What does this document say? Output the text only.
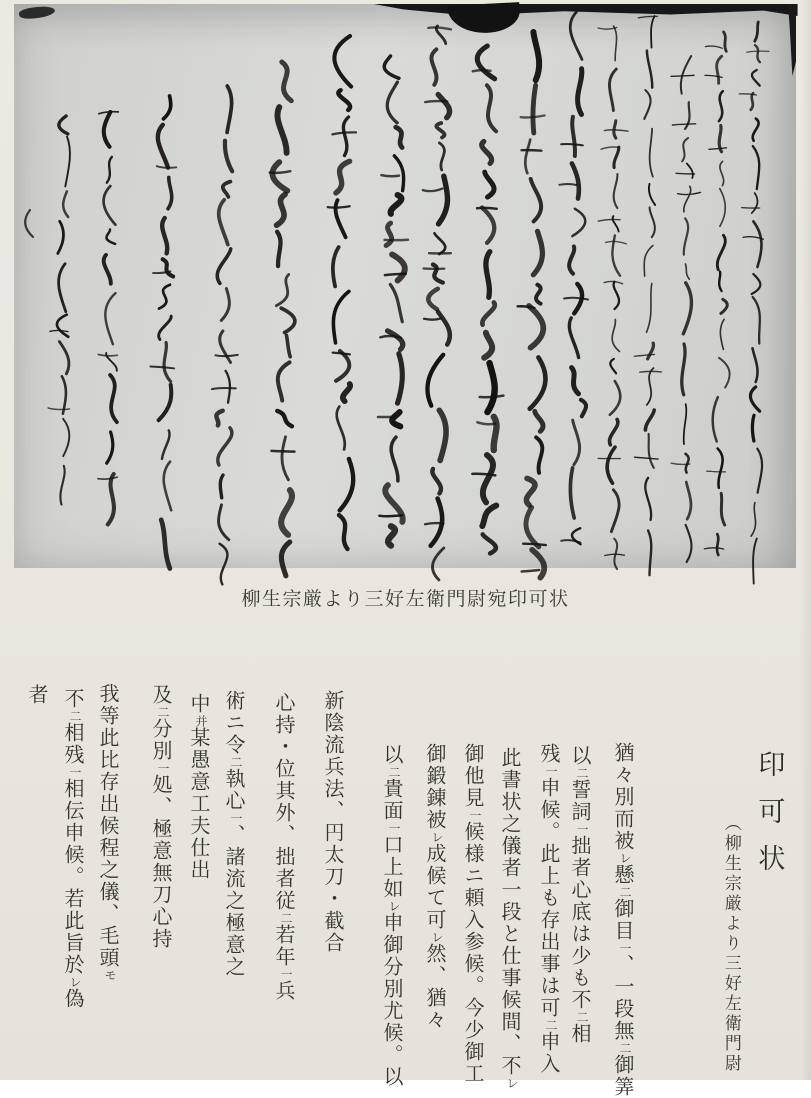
柳生宗厳より三好左衛門尉宛印可状
印可状
（柳生宗厳より三好左衛門尉
猶々別而被レ懸二御目一、一段無二御筭
以二誓詞一拙者心底は少も不二相
残一申候。此上も存出事は可二申入
此書状之儀者一段と仕事候間、不レ
御他見一候様ニ頼入参候。今少御工
御鍛錬被レ成候て可レ然、猶々
以二貴面一口上如レ申御分別尤候。以
新陰流兵法、円太刀・截合
心持・位其外、拙者従二若年一兵
術ニ令二執心一、諸流之極意之
中并某愚意工夫仕出
及二分別一処、極意無刀心持
我等此比存出候程之儀、毛頭モ
不二相残一相伝申候。若此旨於レ偽
者
